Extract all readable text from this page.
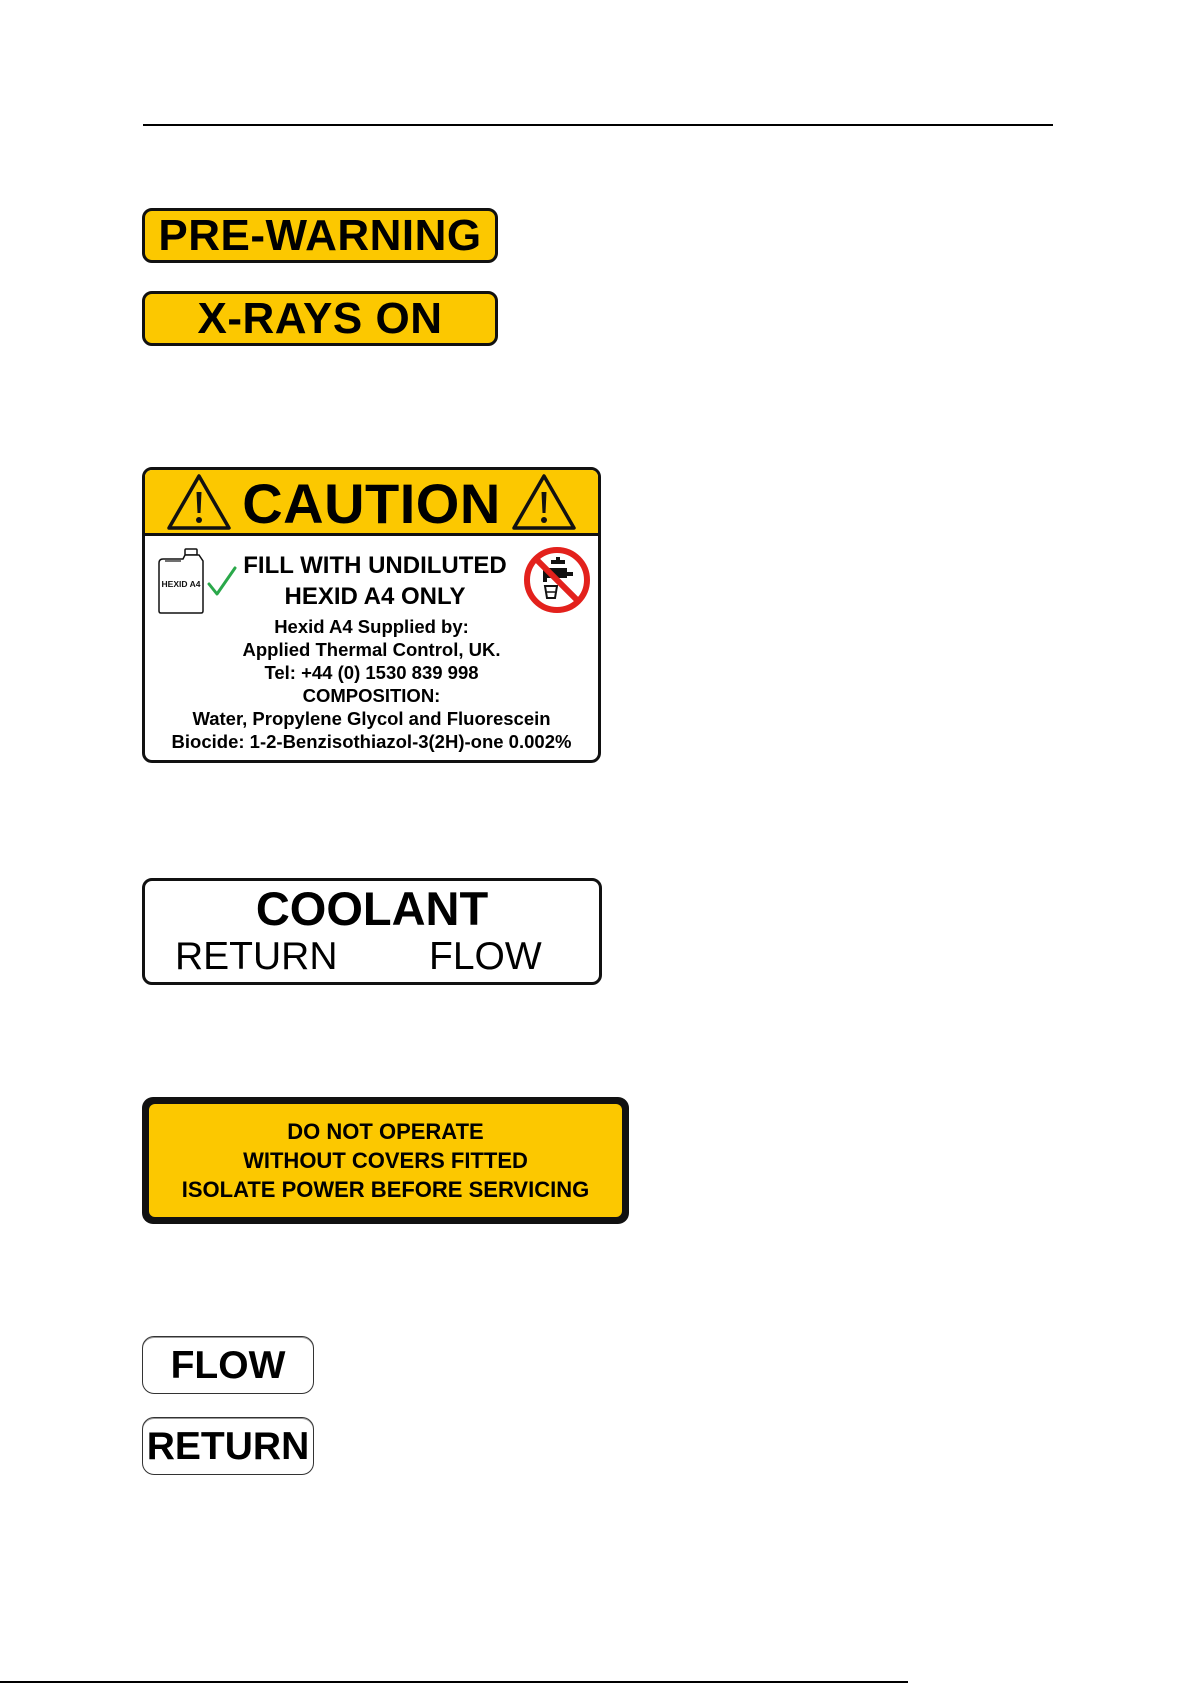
PRE-WARNING
X-RAYS ON
CAUTION
HEXID A4
FILL WITH UNDILUTED
HEXID A4 ONLY
Hexid A4 Supplied by:
Applied Thermal Control, UK.
Tel: +44 (0) 1530 839 998
COMPOSITION:
Water, Propylene Glycol and Fluorescein
Biocide: 1-2-Benzisothiazol-3(2H)-one 0.002%
COOLANT
RETURN FLOW
DO NOT OPERATE
WITHOUT COVERS FITTED
ISOLATE POWER BEFORE SERVICING
FLOW
RETURN
